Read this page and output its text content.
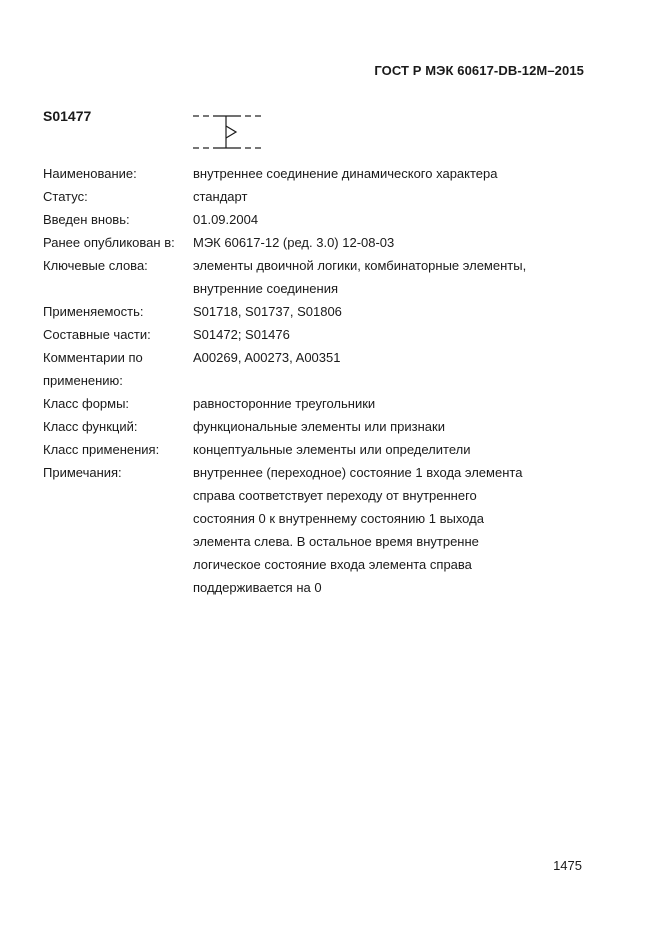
ГОСТ Р МЭК 60617-DB-12M–2015
S01477
Наименование:	внутреннее соединение динамического характера
Статус:	стандарт
Введен вновь:	01.09.2004
Ранее опубликован в:	МЭК 60617-12 (ред. 3.0) 12-08-03
Ключевые слова:	элементы двоичной логики, комбинаторные элементы,
внутренние соединения
Применяемость:	S01718, S01737, S01806
Составные части:	S01472; S01476
Комментарии по
применению:
A00269, A00273, A00351
Класс формы:	равносторонние треугольники
Класс функций:	функциональные элементы или признаки
Класс применения:	концептуальные элементы или определители
Примечания:	внутреннее (переходное) состояние 1 входа элемента
справа соответствует переходу от внутреннего
состояния 0 к внутреннему состоянию 1 выхода
элемента слева. В остальное время внутренне
логическое состояние входа элемента справа
поддерживается на 0
1475
